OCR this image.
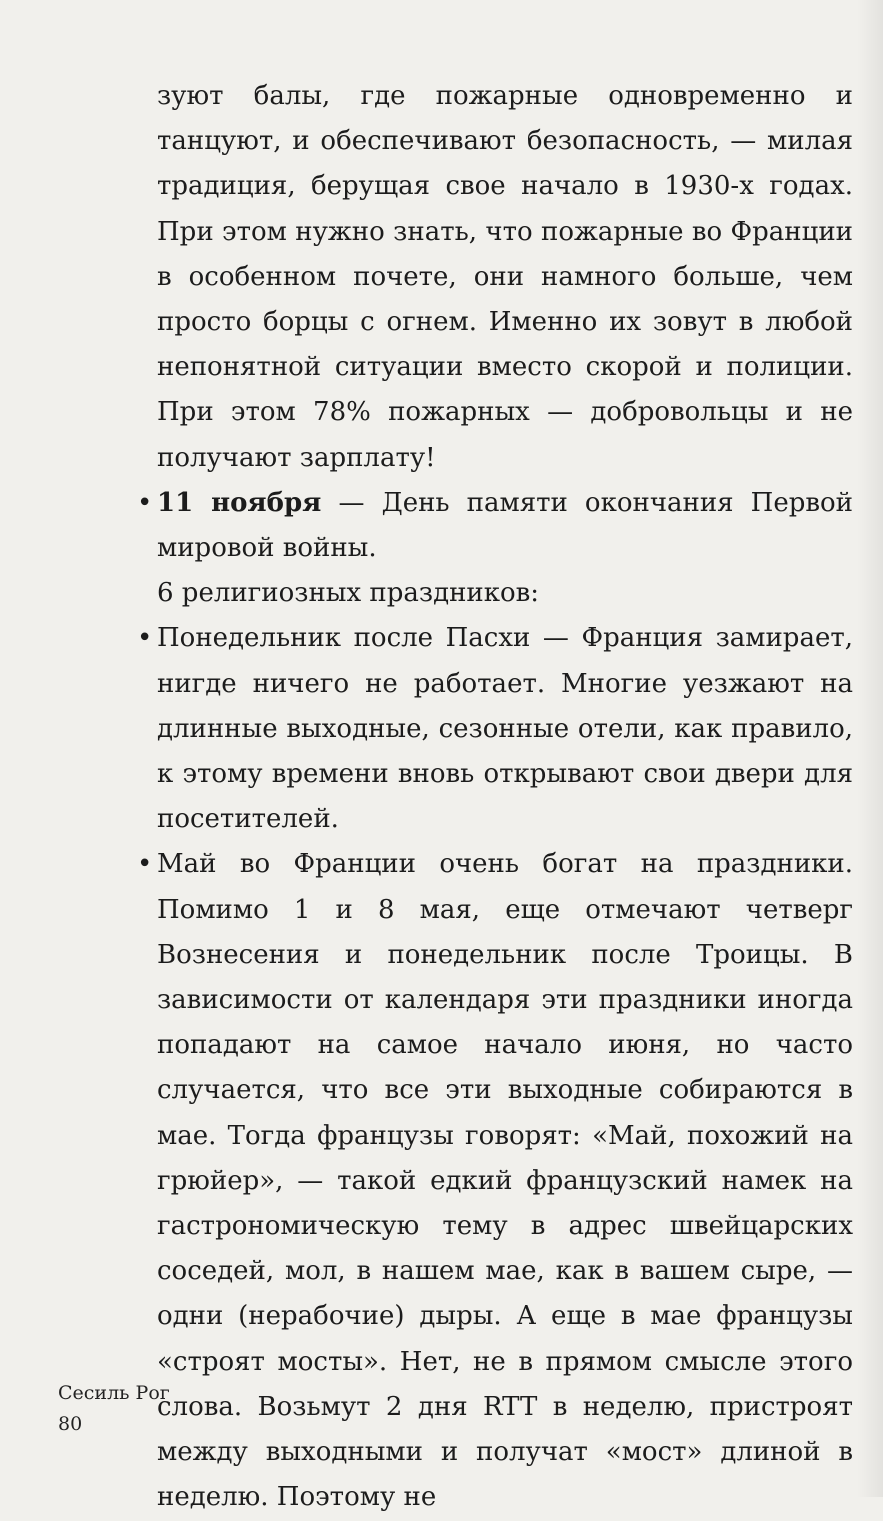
зуют балы, где пожарные одновременно и танцуют, и обеспечивают безопасность, — милая традиция, берущая свое начало в 1930-х годах. При этом нужно знать, что пожарные во Франции в особенном почете, они намного больше, чем просто борцы с огнем. Именно их зовут в любой непонятной ситуации вместо скорой и полиции. При этом 78% пожарных — добровольцы и не получают зарплату!

• 11 ноября — День памяти окончания Первой мировой войны.

6 религиозных праздников:

• Понедельник после Пасхи — Франция замирает, нигде ничего не работает. Многие уезжают на длинные выходные, сезонные отели, как правило, к этому времени вновь открывают свои двери для посетителей.

• Май во Франции очень богат на праздники. Помимо 1 и 8 мая, еще отмечают четверг Вознесения и понедельник после Троицы. В зависимости от календаря эти праздники иногда попадают на самое начало июня, но часто случается, что все эти выходные собираются в мае. Тогда французы говорят: «Май, похожий на грюйер», — такой едкий французский намек на гастрономическую тему в адрес швейцарских соседей, мол, в нашем мае, как в вашем сыре, — одни (нерабочие) дыры. А еще в мае французы «строят мосты». Нет, не в прямом смысле этого слова. Возьмут 2 дня RTT в неделю, пристроят между выходными и получат «мост» длиной в неделю. Поэтому не

Сесиль Рог
80
